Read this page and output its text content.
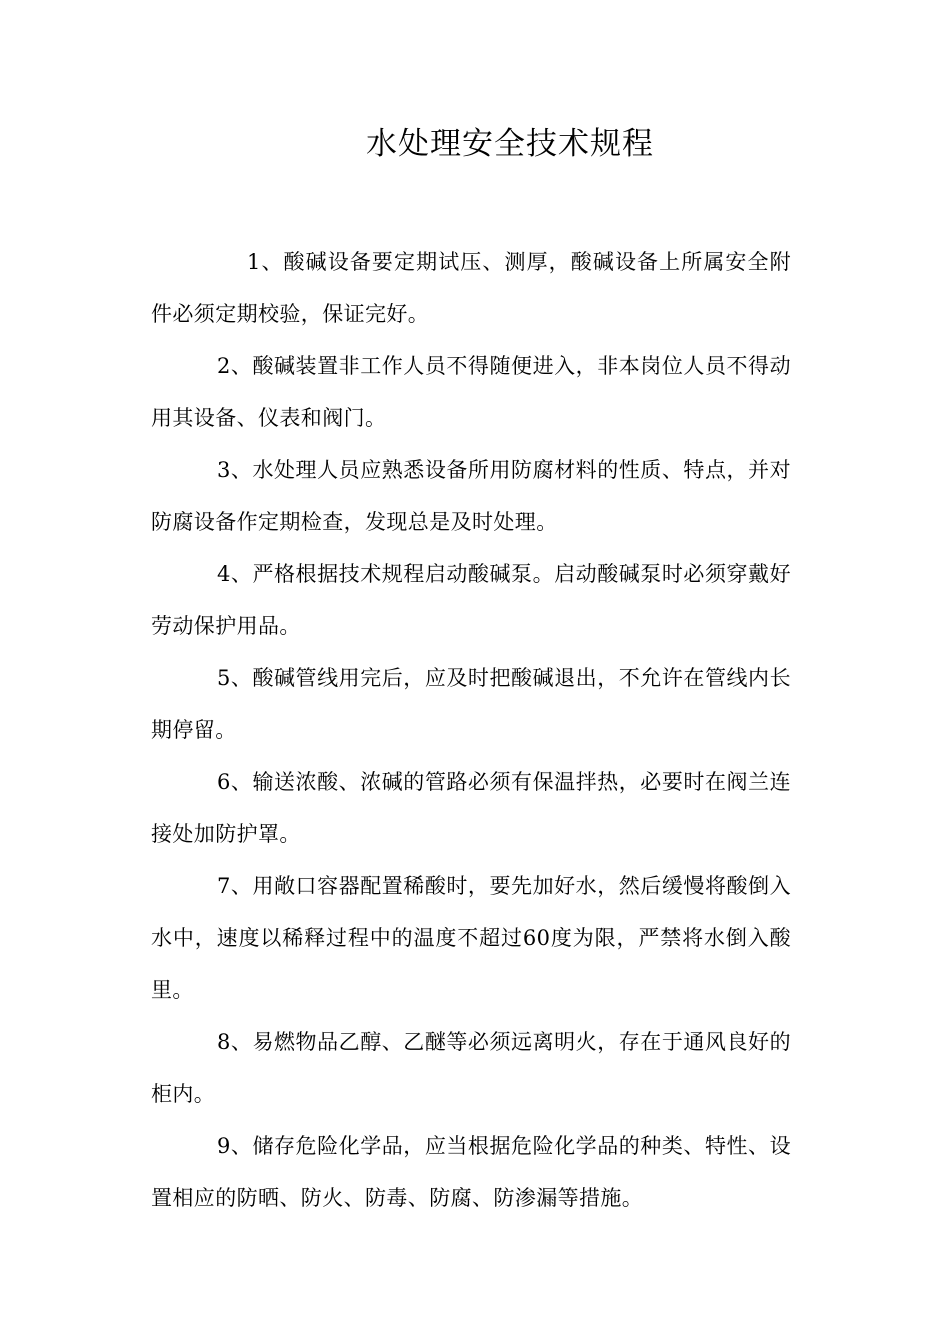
水处理安全技术规程

1、酸碱设备要定期试压、测厚，酸碱设备上所属安全附件必须定期校验，保证完好。

2、酸碱装置非工作人员不得随便进入，非本岗位人员不得动用其设备、仪表和阀门。

3、水处理人员应熟悉设备所用防腐材料的性质、特点，并对防腐设备作定期检查，发现总是及时处理。

4、严格根据技术规程启动酸碱泵。启动酸碱泵时必须穿戴好劳动保护用品。

5、酸碱管线用完后，应及时把酸碱退出，不允许在管线内长期停留。

6、输送浓酸、浓碱的管路必须有保温拌热，必要时在阀兰连接处加防护罩。

7、用敞口容器配置稀酸时，要先加好水，然后缓慢将酸倒入水中，速度以稀释过程中的温度不超过60度为限，严禁将水倒入酸里。

8、易燃物品乙醇、乙醚等必须远离明火，存在于通风良好的柜内。

9、储存危险化学品，应当根据危险化学品的种类、特性、设置相应的防晒、防火、防毒、防腐、防渗漏等措施。
